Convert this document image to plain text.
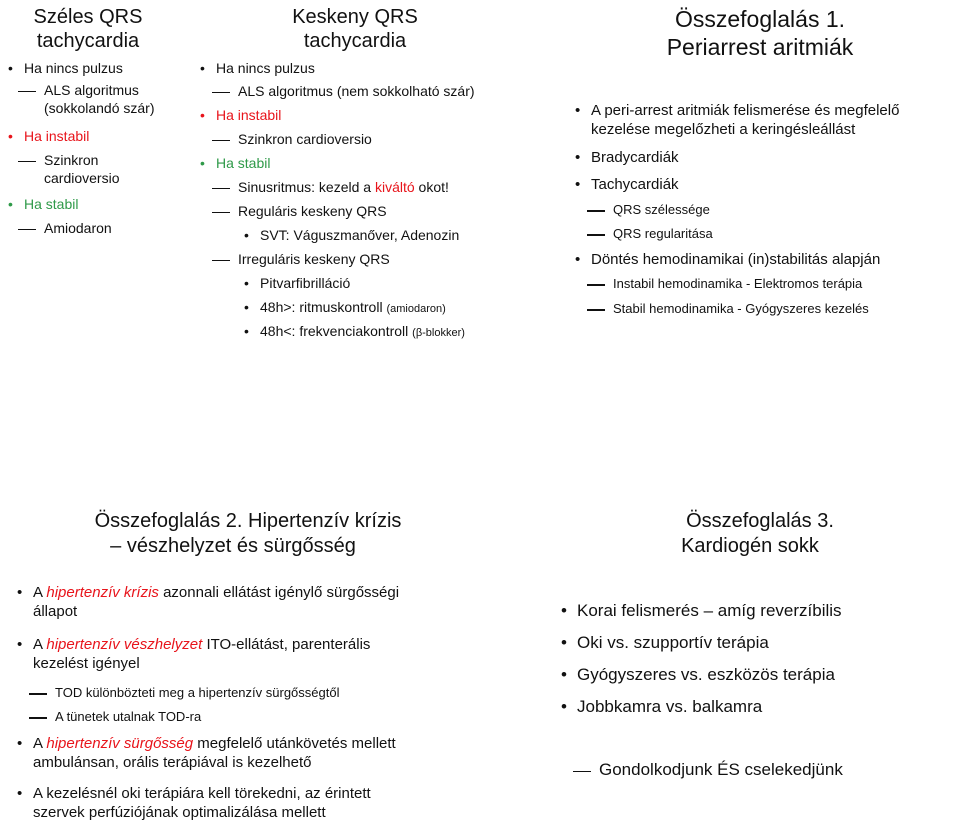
Széles QRS
tachycardia
• Ha nincs pulzus
ALS algoritmus
(sokkolandó szár)
• Ha instabil
Szinkron
cardioversio
• Ha stabil
Amiodaron
Keskeny QRS
tachycardia
• Ha nincs pulzus
ALS algoritmus (nem sokkolható szár)
• Ha instabil
Szinkron cardioversio
• Ha stabil
Sinusritmus: kezeld a kiváltó okot!
Reguláris keskeny QRS
• SVT: Váguszmanőver, Adenozin
Irreguláris keskeny QRS
• Pitvarfibrilláció
• 48h>: ritmuskontroll (amiodaron)
• 48h<: frekvenciakontroll (β-blokker)
Összefoglalás 1.
Periarrest aritmiák
• A peri-arrest aritmiák felismerése és megfelelő
kezelése megelőzheti a keringésleállást
• Bradycardiák
• Tachycardiák
QRS szélessége
QRS regularitása
• Döntés hemodinamikai (in)stabilitás alapján
Instabil hemodinamika - Elektromos terápia
Stabil hemodinamika - Gyógyszeres kezelés
Összefoglalás 2. Hipertenzív krízis
– vészhelyzet és sürgősség
• A hipertenzív krízis azonnali ellátást igénylő sürgősségi
állapot
• A hipertenzív vészhelyzet ITO-ellátást, parenterális
kezelést igényel
TOD különbözteti meg a hipertenzív sürgősségtől
A tünetek utalnak TOD-ra
• A hipertenzív sürgősség megfelelő utánkövetés mellett
ambulánsan, orális terápiával is kezelhető
• A kezelésnél oki terápiára kell törekedni, az érintett
szervek perfúziójának optimalizálása mellett
Összefoglalás 3.
Kardiogén sokk
• Korai felismerés – amíg reverzíbilis
• Oki vs. szupportív terápia
• Gyógyszeres vs. eszközös terápia
• Jobbkamra vs. balkamra
Gondolkodjunk ÉS cselekedjünk
